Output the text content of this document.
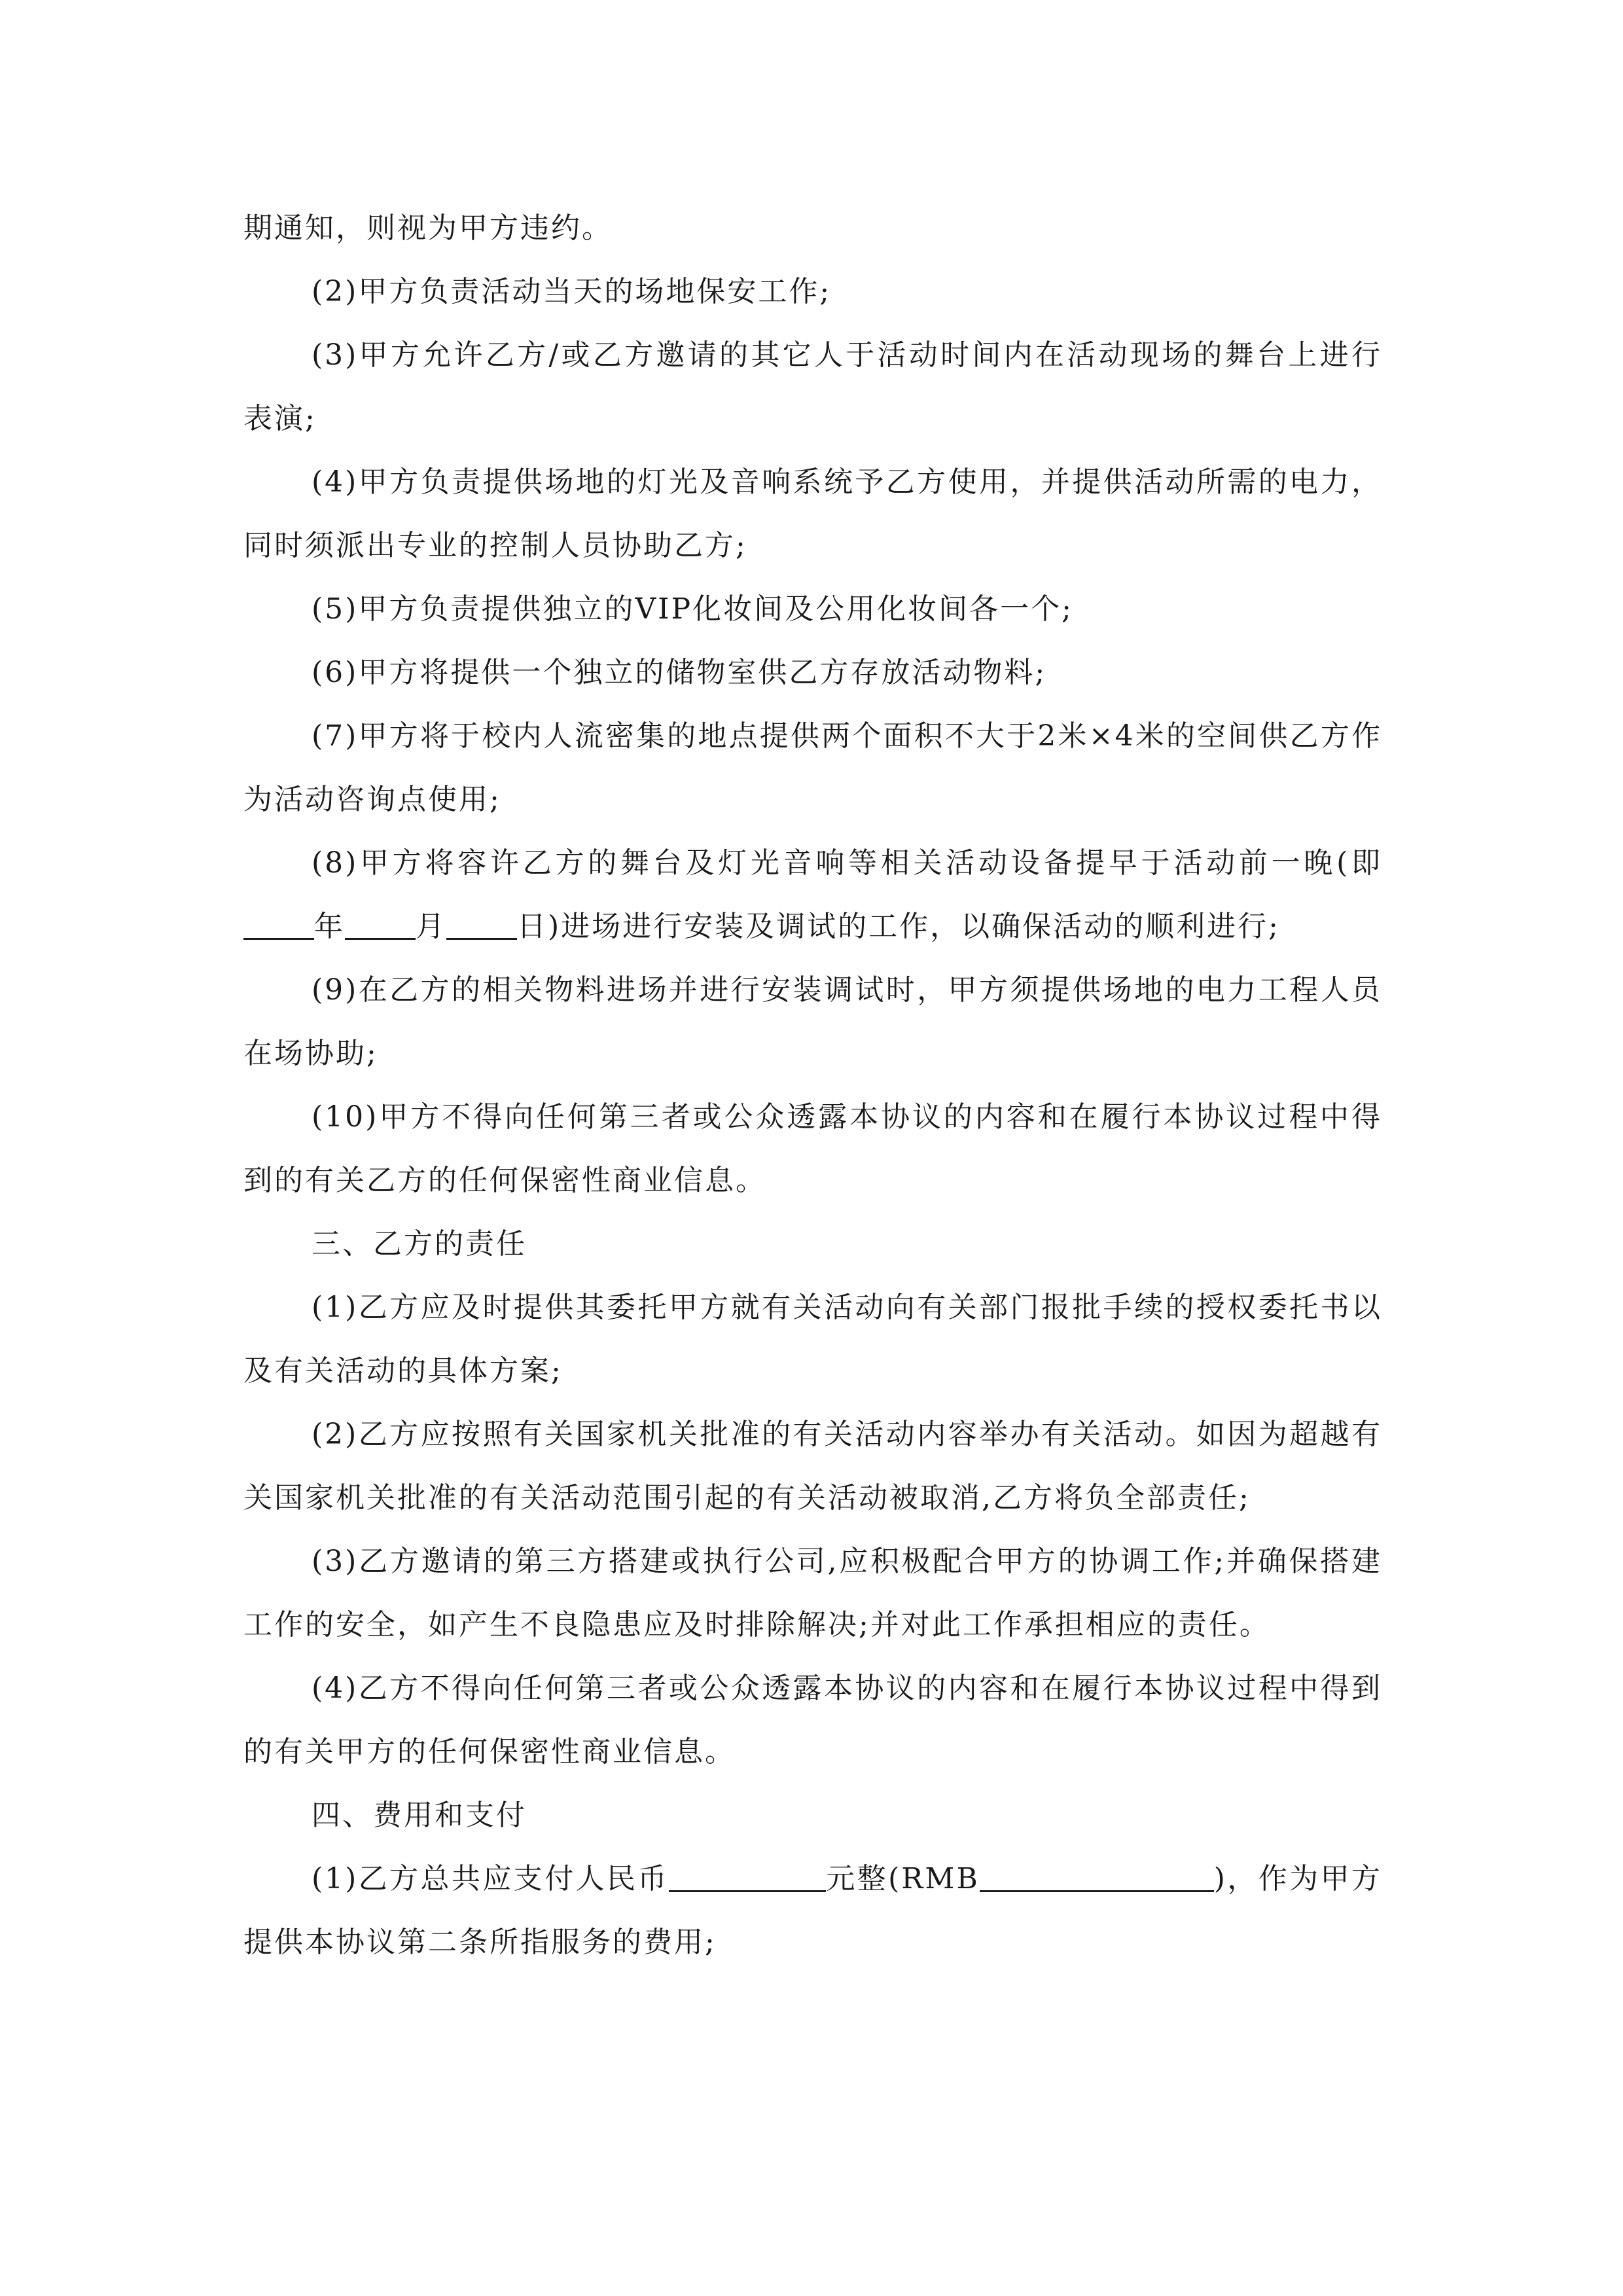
期通知，则视为甲方违约。

(2)甲方负责活动当天的场地保安工作;

(3)甲方允许乙方/或乙方邀请的其它人于活动时间内在活动现场的舞台上进行表演;

(4)甲方负责提供场地的灯光及音响系统予乙方使用，并提供活动所需的电力，同时须派出专业的控制人员协助乙方;

(5)甲方负责提供独立的VIP化妆间及公用化妆间各一个;

(6)甲方将提供一个独立的储物室供乙方存放活动物料;

(7)甲方将于校内人流密集的地点提供两个面积不大于2米×4米的空间供乙方作为活动咨询点使用;

(8)甲方将容许乙方的舞台及灯光音响等相关活动设备提早于活动前一晚(即年 月 日)进场进行安装及调试的工作，以确保活动的顺利进行;

(9)在乙方的相关物料进场并进行安装调试时，甲方须提供场地的电力工程人员在场协助;

(10)甲方不得向任何第三者或公众透露本协议的内容和在履行本协议过程中得到的有关乙方的任何保密性商业信息。

三、乙方的责任

(1)乙方应及时提供其委托甲方就有关活动向有关部门报批手续的授权委托书以及有关活动的具体方案;

(2)乙方应按照有关国家机关批准的有关活动内容举办有关活动。如因为超越有关国家机关批准的有关活动范围引起的有关活动被取消,乙方将负全部责任;

(3)乙方邀请的第三方搭建或执行公司,应积极配合甲方的协调工作;并确保搭建工作的安全，如产生不良隐患应及时排除解决;并对此工作承担相应的责任。

(4)乙方不得向任何第三者或公众透露本协议的内容和在履行本协议过程中得到的有关甲方的任何保密性商业信息。

四、费用和支付

(1)乙方总共应支付人民币	元整(RMB	)，作为甲方提供本协议第二条所指服务的费用;
